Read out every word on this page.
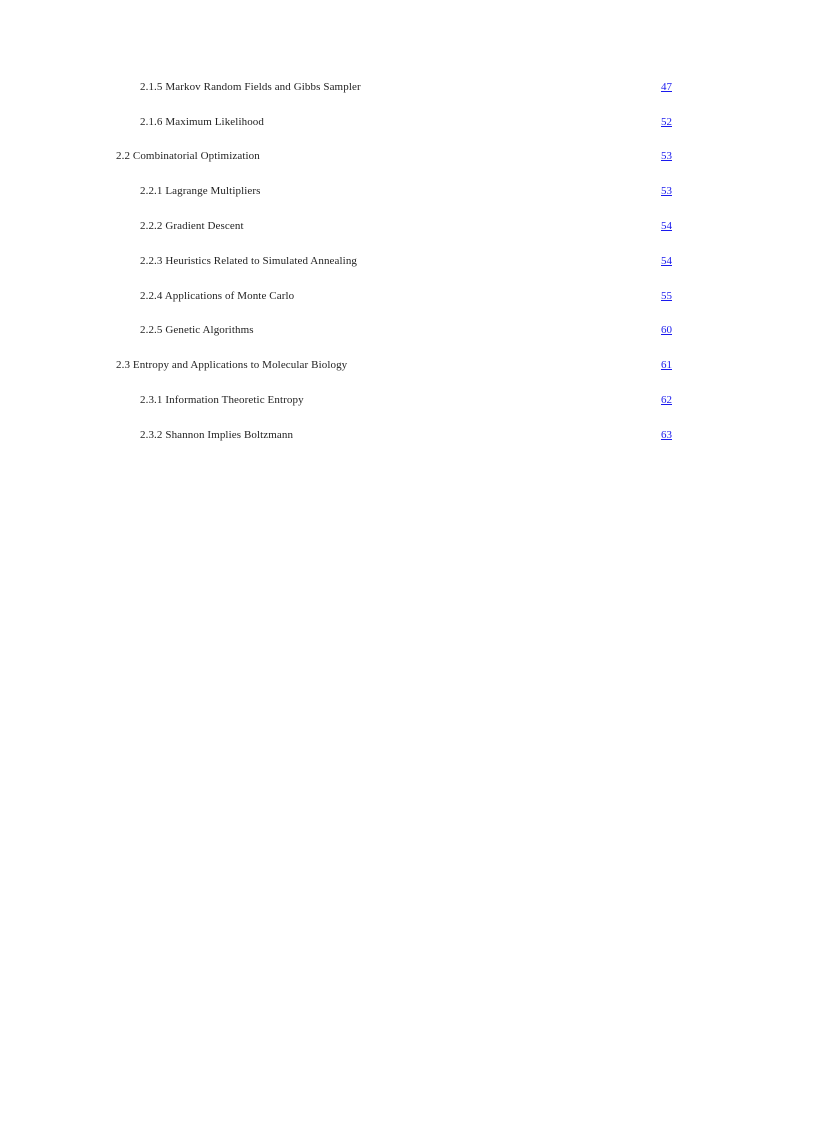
2.1.5 Markov Random Fields and Gibbs Sampler	47
2.1.6 Maximum Likelihood	52
2.2 Combinatorial Optimization	53
2.2.1 Lagrange Multipliers	53
2.2.2 Gradient Descent	54
2.2.3 Heuristics Related to Simulated Annealing	54
2.2.4 Applications of Monte Carlo	55
2.2.5 Genetic Algorithms	60
2.3 Entropy and Applications to Molecular Biology	61
2.3.1 Information Theoretic Entropy	62
2.3.2 Shannon Implies Boltzmann	63
